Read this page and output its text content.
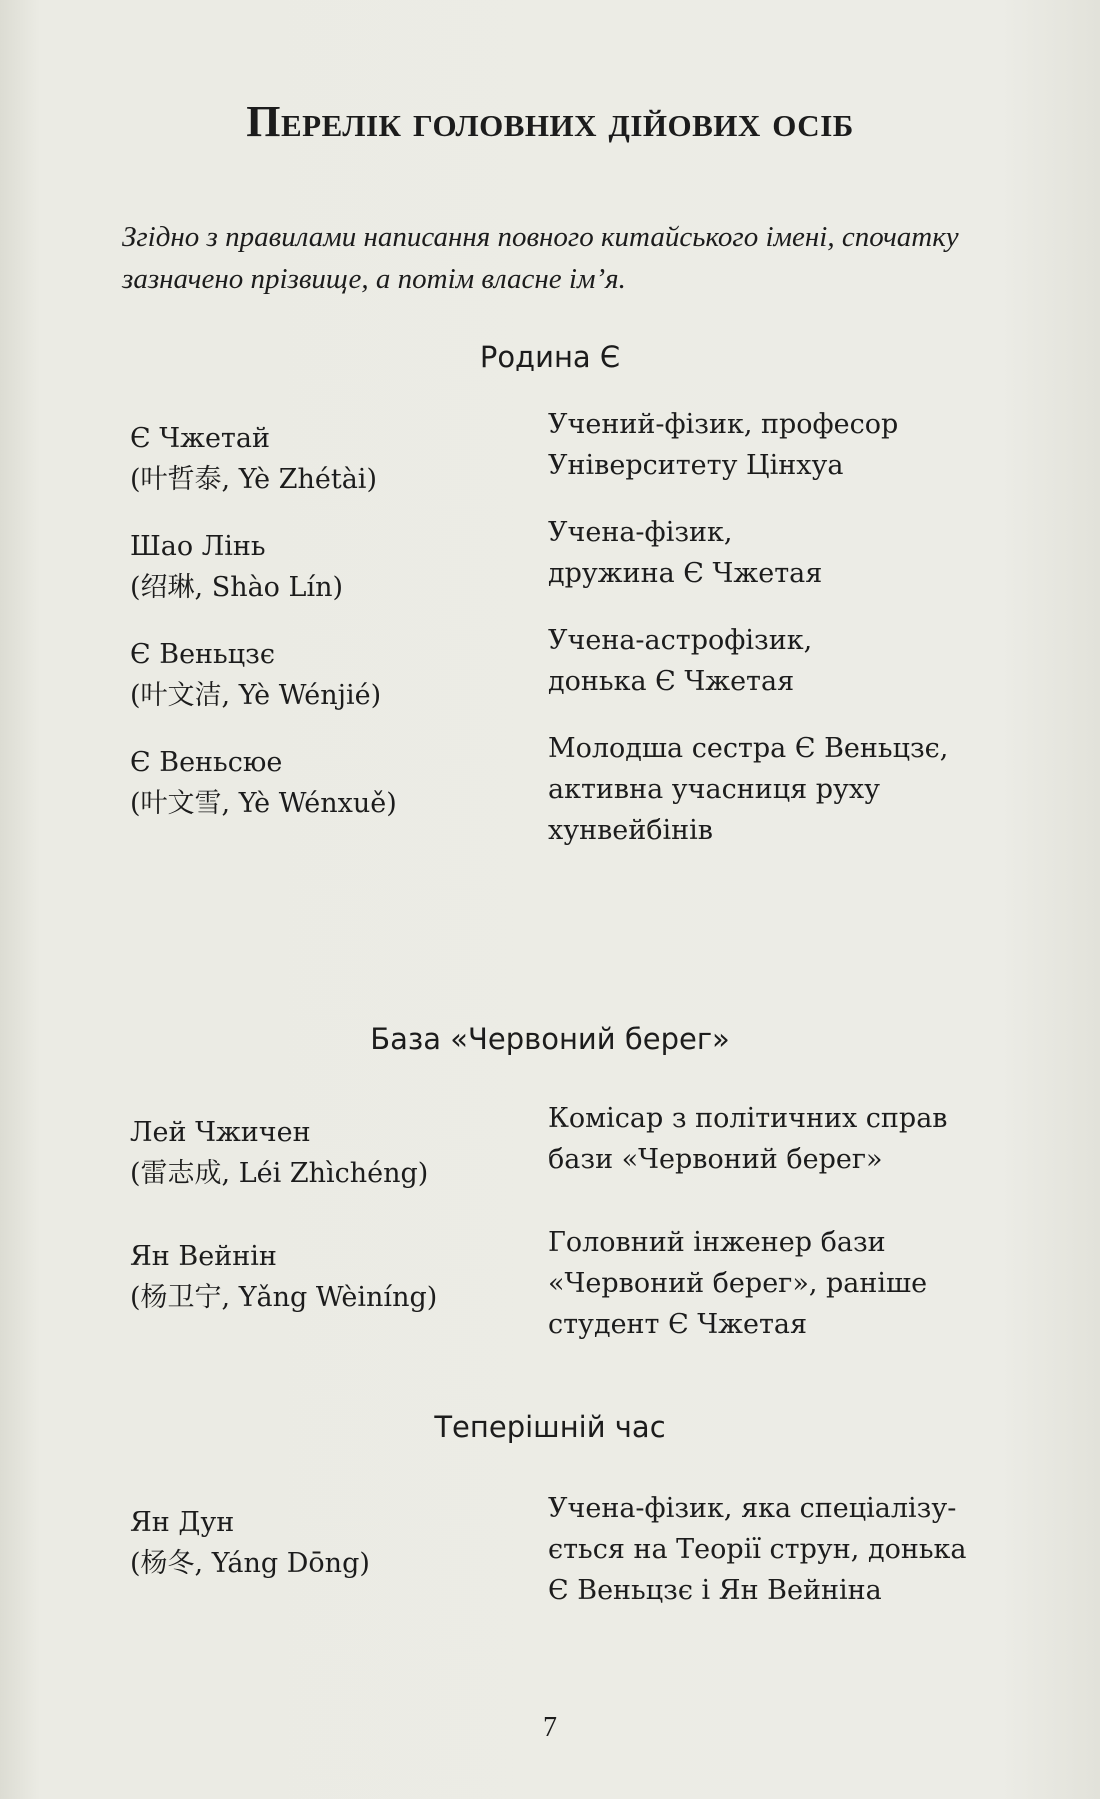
Перелік головних дійових осіб
Згідно з правилами написання повного китайського імені, спочатку зазначено прізвище, а потім власне ім’я.
Родина Є
Є Чжетай
(叶哲泰, Yè Zhétài)
Учений-фізик, професор
Університету Цінхуа
Шао Лінь
(绍琳, Shào Lín)
Учена-фізик,
дружина Є Чжетая
Є Веньцзє
(叶文洁, Yè Wénjié)
Учена-астрофізик,
донька Є Чжетая
Є Веньсюе
(叶文雪, Yè Wénxuě)
Молодша сестра Є Веньцзє,
активна учасниця руху
хунвейбінів
База «Червоний берег»
Лей Чжичен
(雷志成, Léi Zhìchéng)
Комісар з політичних справ
бази «Червоний берег»
Ян Вейнін
(杨卫宁, Yǎng Wèiníng)
Головний інженер бази
«Червоний берег», раніше
студент Є Чжетая
Теперішній час
Ян Дун
(杨冬, Yáng Dōng)
Учена-фізик, яка спеціалізу-
ється на Теорії струн, донька
Є Веньцзє і Ян Вейніна
7
